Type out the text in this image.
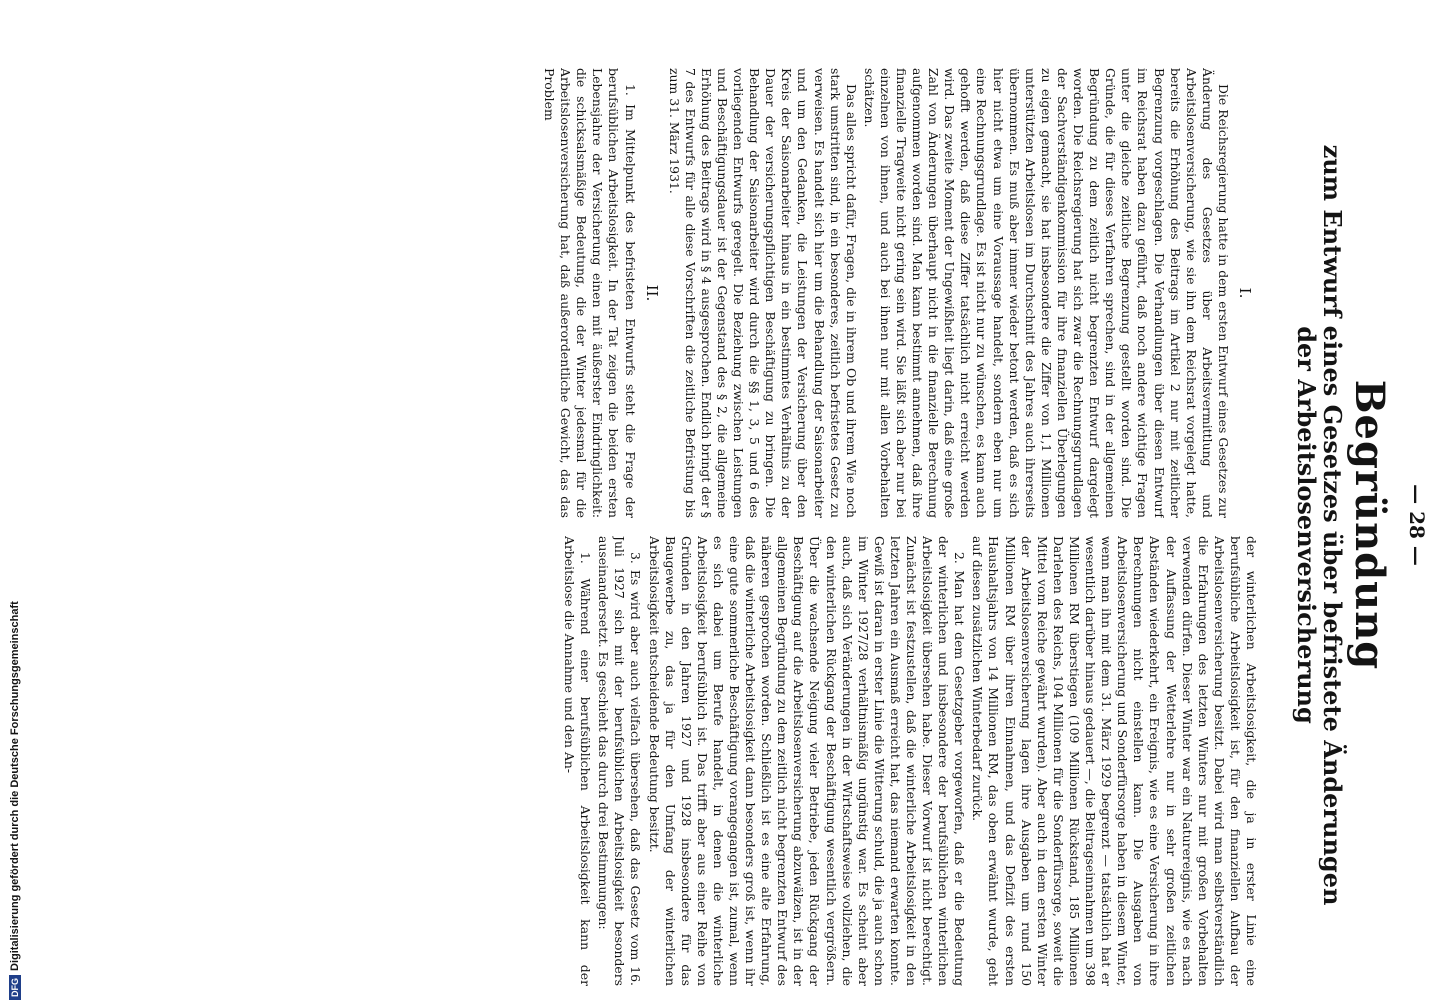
DFG
Digitalisierung gefördert durch die Deutsche Forschungsgemeinschaft
— 28 —
Begründung
zum Entwurf eines Gesetzes über befristete Änderungen
der Arbeitslosenversicherung

I.

Die Reichsregierung hatte in dem ersten Entwurf eines Gesetzes zur Änderung des Gesetzes über Arbeitsvermittlung und Arbeitslosenversicherung, wie sie ihn dem Reichsrat vorgelegt hatte, bereits die Erhöhung des Beitrags im Artikel 2 nur mit zeitlicher Begrenzung vorgeschlagen. Die Verhandlungen über diesen Entwurf im Reichsrat haben dazu geführt, daß noch andere wichtige Fragen unter die gleiche zeitliche Begrenzung gestellt worden sind. Die Gründe, die für dieses Verfahren sprechen, sind in der allgemeinen Begründung zu dem zeitlich nicht begrenzten Entwurf dargelegt worden. Die Reichsregierung hat sich zwar die Rechnungsgrundlagen der Sachverständigenkommission für ihre finanziellen Überlegungen zu eigen gemacht, sie hat insbesondere die Ziffer von 1,1 Millionen unterstützten Arbeitslosen im Durchschnitt des Jahres auch ihrerseits übernommen. Es muß aber immer wieder betont werden, daß es sich hier nicht etwa um eine Voraussage handelt, sondern eben nur um eine Rechnungsgrundlage. Es ist nicht nur zu wünschen, es kann auch gehofft werden, daß diese Ziffer tatsächlich nicht erreicht werden wird. Das zweite Moment der Ungewißheit liegt darin, daß eine große Zahl von Änderungen überhaupt nicht in die finanzielle Berechnung aufgenommen worden sind. Man kann bestimmt annehmen, daß ihre finanzielle Tragweite nicht gering sein wird. Sie läßt sich aber nur bei einzelnen von ihnen, und auch bei ihnen nur mit allen Vorbehalten schätzen.

Das alles spricht dafür, Fragen, die in ihrem Ob und ihrem Wie noch stark umstritten sind, in ein besonderes, zeitlich befristetes Gesetz zu verweisen. Es handelt sich hier um die Behandlung der Saisonarbeiter und um den Gedanken, die Leistungen der Versicherung über den Kreis der Saisonarbeiter hinaus in ein bestimmtes Verhältnis zu der Dauer der versicherungspflichtigen Beschäftigung zu bringen. Die Behandlung der Saisonarbeiter wird durch die §§ 1, 3, 5 und 6 des vorliegenden Entwurfs geregelt. Die Beziehung zwischen Leistungen und Beschäftigungsdauer ist der Gegenstand des § 2, die allgemeine Erhöhung des Beitrags wird in § 4 ausgesprochen. Endlich bringt der § 7 des Entwurfs für alle diese Vorschriften die zeitliche Befristung bis zum 31. März 1931.

II.

1. Im Mittelpunkt des befristeten Entwurfs steht die Frage der berufsüblichen Arbeitslosigkeit. In der Tat zeigen die beiden ersten Lebensjahre der Versicherung einen mit äußerster Eindringlichkeit: die schicksalsmäßige Bedeutung, die der Winter jedesmal für die Arbeitslosenversicherung hat, daß außerordentliche Gewicht, das das Problem

der winterlichen Arbeitslosigkeit, die ja in erster Linie eine berufsübliche Arbeitslosigkeit ist, für den finanziellen Aufbau der Arbeitslosenversicherung besitzt. Dabei wird man selbstverständlich die Erfahrungen des letzten Winters nur mit großen Vorbehalten verwenden dürfen. Dieser Winter war ein Naturereignis, wie es nach der Auffassung der Wetterlehre nur in sehr großen zeitlichen Abständen wiederkehrt, ein Ereignis, wie es eine Versicherung in ihre Berechnungen nicht einstellen kann. Die Ausgaben von Arbeitslosenversicherung und Sonderfürsorge haben in diesem Winter, wenn man ihn mit dem 31. März 1929 begrenzt — tatsächlich hat er wesentlich darüber hinaus gedauert —, die Beitragseinnahmen um 398 Millionen RM überstiegen (109 Millionen Rückstand, 185 Millionen Darlehen des Reichs, 104 Millionen für die Sonderfürsorge, soweit die Mittel vom Reiche gewährt wurden). Aber auch in dem ersten Winter der Arbeitslosenversicherung lagen ihre Ausgaben um rund 150 Millionen RM über ihren Einnahmen, und das Defizit des ersten Haushaltsjahrs von 14 Millionen RM, das oben erwähnt wurde, geht auf diesen zusätzlichen Winterbedarf zurück.

2. Man hat dem Gesetzgeber vorgeworfen, daß er die Bedeutung der winterlichen und insbesondere der berufsüblichen winterlichen Arbeitslosigkeit übersehen habe. Dieser Vorwurf ist nicht berechtigt. Zunächst ist festzustellen, daß die winterliche Arbeitslosigkeit in den letzten Jahren ein Ausmaß erreicht hat, das niemand erwarten konnte. Gewiß ist daran in erster Linie die Witterung schuld, die ja auch schon im Winter 1927/28 verhältnismäßig ungünstig war. Es scheint aber auch, daß sich Veränderungen in der Wirtschaftsweise vollziehen, die den winterlichen Rückgang der Beschäftigung wesentlich vergrößern. Über die wachsende Neigung vieler Betriebe, jeden Rückgang der Beschäftigung auf die Arbeitslosenversicherung abzuwälzen, ist in der allgemeinen Begründung zu dem zeitlich nicht begrenzten Entwurf des näheren gesprochen worden. Schließlich ist es eine alte Erfahrung, daß die winterliche Arbeitslosigkeit dann besonders groß ist, wenn ihr eine gute sommerliche Beschäftigung vorangegangen ist, zumal, wenn es sich dabei um Berufe handelt, in denen die winterliche Arbeitslosigkeit berufsüblich ist. Das trifft aber aus einer Reihe von Gründen in den Jahren 1927 und 1928 insbesondere für das Baugewerbe zu, das ja für den Umfang der winterlichen Arbeitslosigkeit entscheidende Bedeutung besitzt.

3. Es wird aber auch vielfach übersehen, daß das Gesetz vom 16. Juli 1927 sich mit der berufsüblichen Arbeitslosigkeit besonders auseinandersetzt. Es geschieht das durch drei Bestimmungen:

1. Während einer berufsüblichen Arbeitslosigkeit kann der Arbeitslose die Annahme und den An-
